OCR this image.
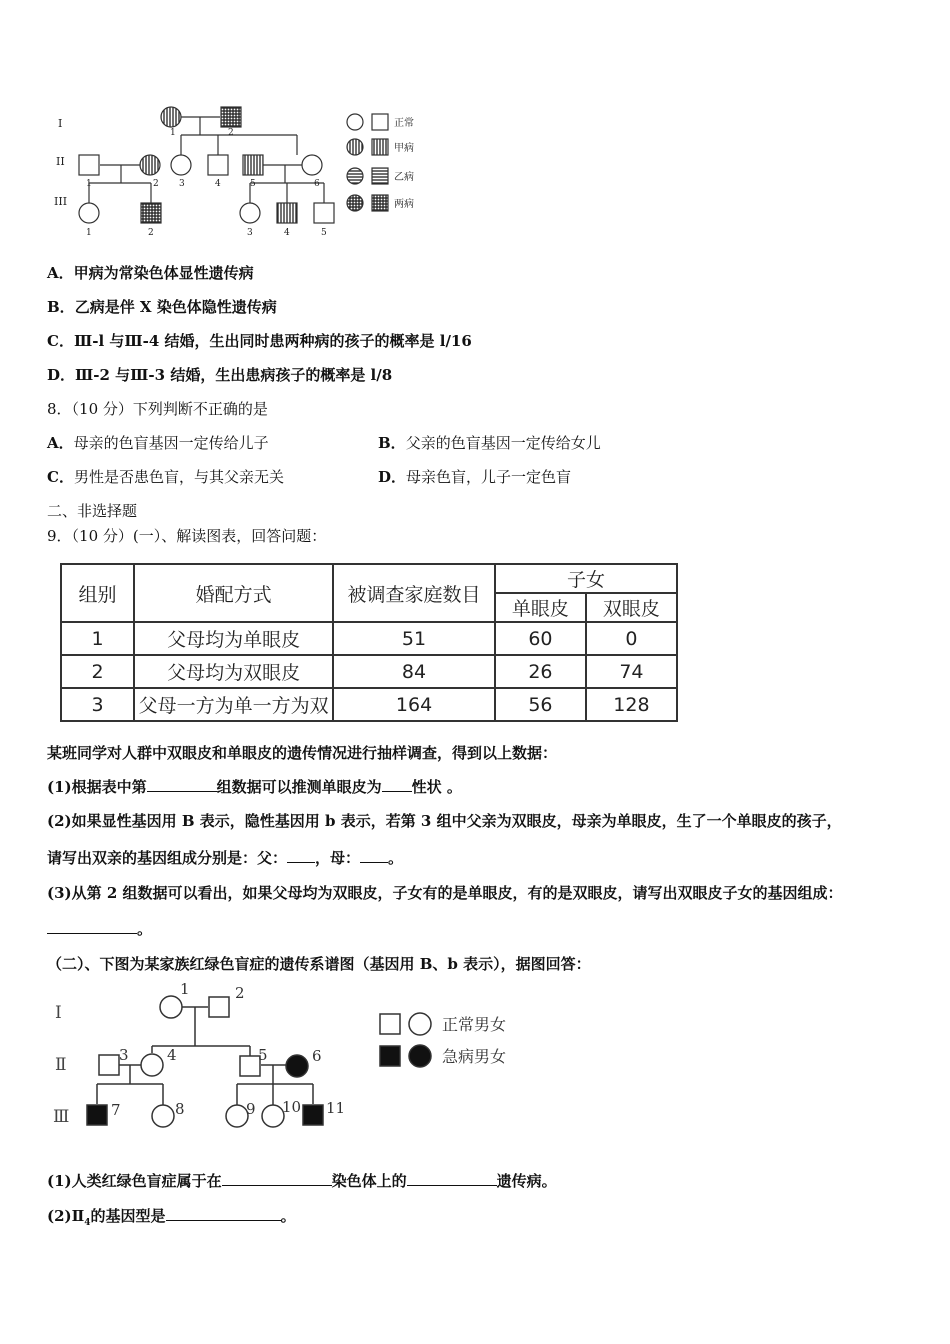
I
II
III
1	2
1	2 3	4	5	6
1	2	3	4	5
正常
甲病
乙病
两病
A．甲病为常染色体显性遗传病
B．乙病是伴 X 染色体隐性遗传病
C．Ⅲ-l 与Ⅲ-4 结婚，生出同时患两种病的孩子的概率是 l/16
D．Ⅲ-2 与Ⅲ-3 结婚，生出患病孩子的概率是 l/8
8．（10 分）下列判断不正确的是
A．母亲的色盲基因一定传给儿子	B．父亲的色盲基因一定传给女儿
C．男性是否患色盲，与其父亲无关	D．母亲色盲，儿子一定色盲
二、非选择题
9．（10 分）(一）、解读图表，回答问题：
组别	婚配方式	被调查家庭数目	子女	
			单眼皮	双眼皮
1	父母均为单眼皮	51	60	0
2	父母均为双眼皮	84	26	74
3	父母一方为单一方为双	164	56	128
某班同学对人群中双眼皮和单眼皮的遗传情况进行抽样调查，得到以上数据：
(1)根据表中第	组数据可以推测单眼皮为 性状 。
(2)如果显性基因用 B 表示，隐性基因用 b 表示，若第 3 组中父亲为双眼皮，母亲为单眼皮，生了一个单眼皮的孩子，
请写出双亲的基因组成分别是：父： ，母： 。
(3)从第 2 组数据可以看出，如果父母均为双眼皮，子女有的是单眼皮，有的是双眼皮，请写出双眼皮子女的基因组成：
。
（二）、下图为某家族红绿色盲症的遗传系谱图（基因用 B、b 表示），据图回答：
Ⅰ
Ⅱ
Ⅲ
1	2
3	4	5	6
7	8	9 10 11
正常男女
急病男女
(1)人类红绿色盲症属于在	染色体上的	遗传病。
$(2)Ⅱ_4$的基因型是	。
